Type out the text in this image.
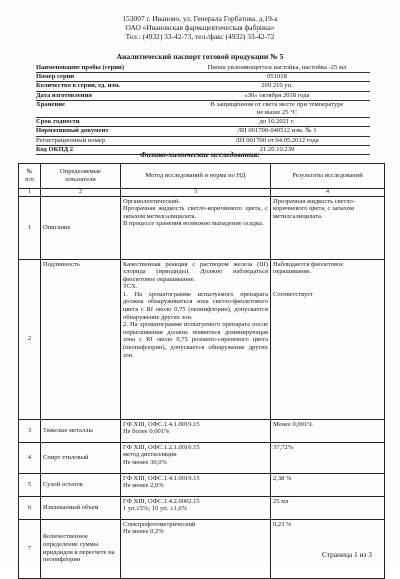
153007 г. Иваново, ул. Генерала Горбатова, д.19-а
ОАО «Ивановская фармацевтическая фабрика»
Тел.: (4932) 33-42-73, тел./факс (4932) 33-42-72
Аналитический паспорт готовой продукции № 5
Наименование пробы (серии)	Пиона уклоняющегося настойка, настойка -25 мл
Номер серии	051018
Количество в серии, ед. изм.	209 210 уп.
Дата изготовления	«30» октября 2018 года
Хранение	В защищённом от света месте при температуре
не выше 25 °С
Срок годности	до 10.2021 г.
Нормативный документ	ЛП 001700-040512 изм. № 1
Регистрационный номер	ЛП 001700 от 04.05.2012 года
Код ОКПД 2	21.20.10.239
Физико-химические исследования:

№
п/п	Определяемые
показатели	Метод исследований и норма по НД	Результаты исследований

1	2	3	4

1	Описание	Органолептический.
Прозрачная жидкость светло-коричневого цвета, с запахом метилсалицилата.
В процессе хранения возможно выпадение осадка.	Прозрачная жидкость светло-коричневого цвета, с запахом метилсалицилата.

2	Подлинность	Качественная реакция с раствором железа (III) хлорида (ириодиды). Должно наблюдаться фиолетовое окрашивание.
ТСХ.
1. На хроматограмме испытуемого препарата должна обнаруживаться зона светло-фиолетового цвета с Rf около 0,75 (пеонифлорин), допускается обнаружение других зон.
2. На хроматограмме испытуемого препарата после опрыскивания должна появиться доминирующая зона с Rf около 0,75 розовато-сиреневого цвета (пеонифлорин), допускается обнаружение других зон.	Наблюдается фиолетовое окрашивание.

Соответствует

3	Тяжелые металлы	ГФ XIII, ОФС.1.4.1.0019.15
Не более 0,001%	Менее 0,001%

4	Спирт этиловый	ГФ XIII, ОФС.1.2.1.0016.15
метод дистилляции
Не менее 30,0%	37,72%

5	Сухой остаток	ГФ XIII, ОФС.1.4.1.0019.15
Не менее 2,0%	2,38 %

6	Извлекаемый объем	ГФ XIII, ОФС.1.4.2.0002.15
1 уп.±5%; 10 уп. ±1,6%	25 мл

7	Количественное определение суммы иридоидов в пересчете на пеонифлорин	Спектрофотометрический
Не менее 0,2%	0,23 %

Страница 1 из 3
